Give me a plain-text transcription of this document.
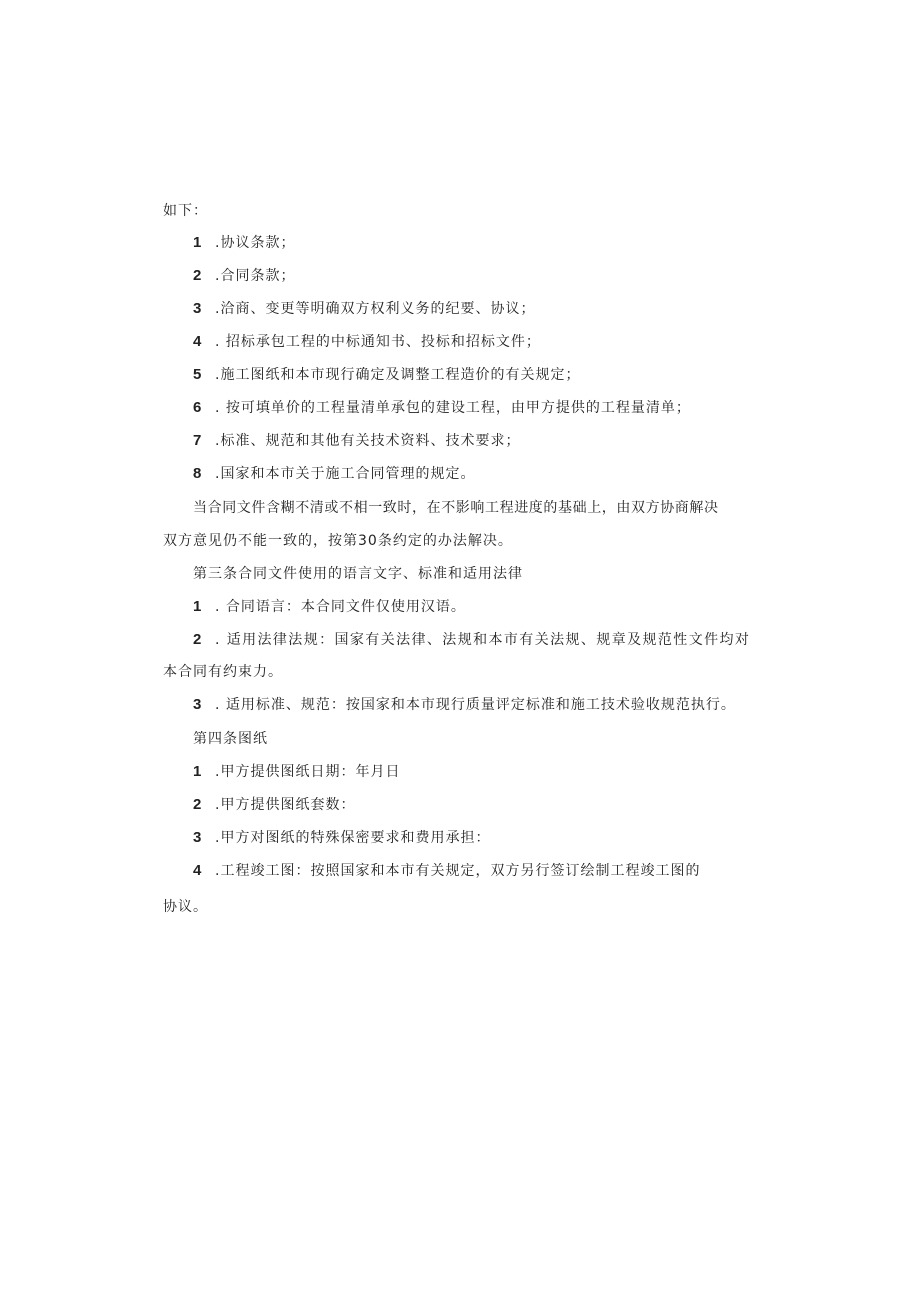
如下：
1 .协议条款；
2 .合同条款；
3 .洽商、变更等明确双方权利义务的纪要、协议；
4 . 招标承包工程的中标通知书、投标和招标文件；
5 .施工图纸和本市现行确定及调整工程造价的有关规定；
6 . 按可填单价的工程量清单承包的建设工程，由甲方提供的工程量清单；
7 .标准、规范和其他有关技术资料、技术要求；
8 .国家和本市关于施工合同管理的规定。
当合同文件含糊不清或不相一致时，在不影响工程进度的基础上，由双方协商解决
双方意见仍不能一致的，按第30条约定的办法解决。
第三条合同文件使用的语言文字、标准和适用法律
1 . 合同语言：本合同文件仅使用汉语。
2 . 适用法律法规：国家有关法律、法规和本市有关法规、规章及规范性文件均对
本合同有约束力。
3 . 适用标准、规范：按国家和本市现行质量评定标准和施工技术验收规范执行。
第四条图纸
1 .甲方提供图纸日期：年月日
2 .甲方提供图纸套数：
3 .甲方对图纸的特殊保密要求和费用承担：
4 .工程竣工图：按照国家和本市有关规定，双方另行签订绘制工程竣工图的
协议。
